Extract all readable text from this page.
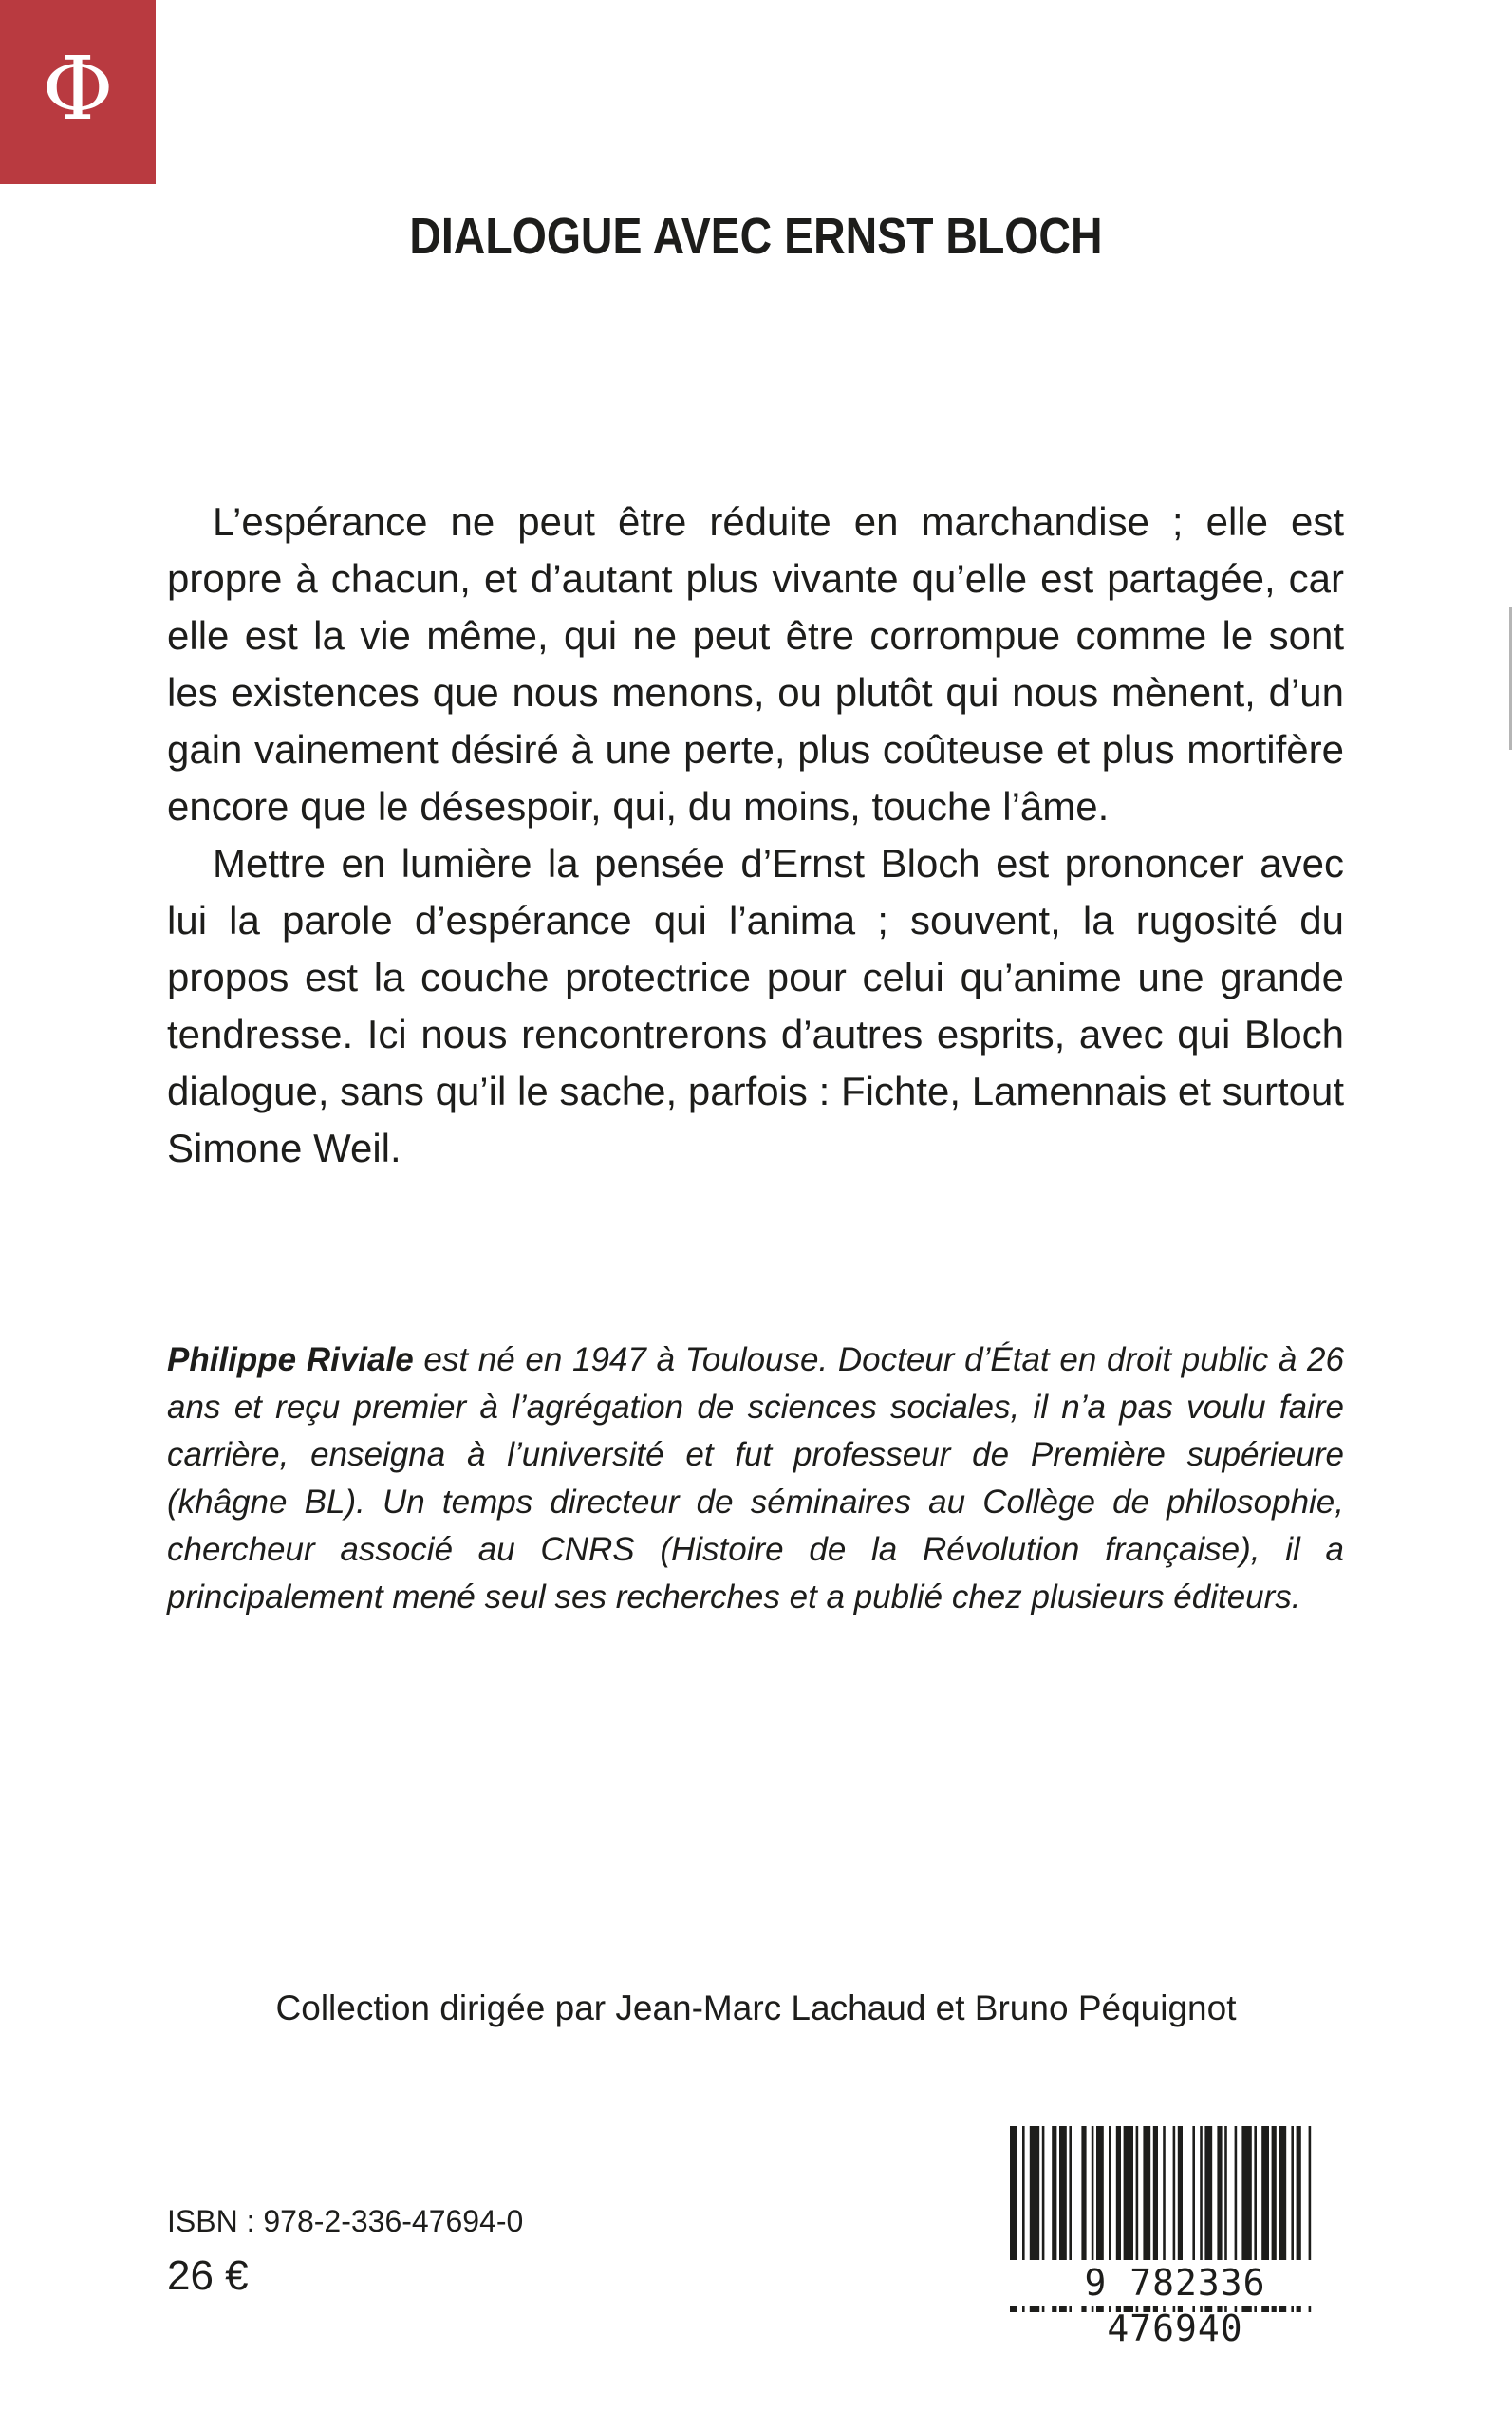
Φ
DIALOGUE AVEC ERNST BLOCH

L’espérance ne peut être réduite en marchandise ; elle est propre à chacun, et d’autant plus vivante qu’elle est partagée, car elle est la vie même, qui ne peut être corrompue comme le sont les existences que nous menons, ou plutôt qui nous mènent, d’un gain vainement désiré à une perte, plus coûteuse et plus mortifère encore que le désespoir, qui, du moins, touche l’âme.

Mettre en lumière la pensée d’Ernst Bloch est prononcer avec lui la parole d’espérance qui l’anima ; souvent, la rugosité du propos est la couche protectrice pour celui qu’anime une grande tendresse. Ici nous rencontrerons d’autres esprits, avec qui Bloch dialogue, sans qu’il le sache, parfois : Fichte, Lamennais et surtout Simone Weil.

Philippe Riviale est né en 1947 à Toulouse. Docteur d’État en droit public à 26 ans et reçu premier à l’agrégation de sciences sociales, il n’a pas voulu faire carrière, enseigna à l’université et fut professeur de Première supérieure (khâgne BL). Un temps directeur de séminaires au Collège de philosophie, chercheur associé au CNRS (Histoire de la Révolution française), il a principalement mené seul ses recherches et a publié chez plusieurs éditeurs.

Collection dirigée par Jean-Marc Lachaud et Bruno Péquignot
ISBN : 978-2-336-47694-0
26 €	9 782336 476940
